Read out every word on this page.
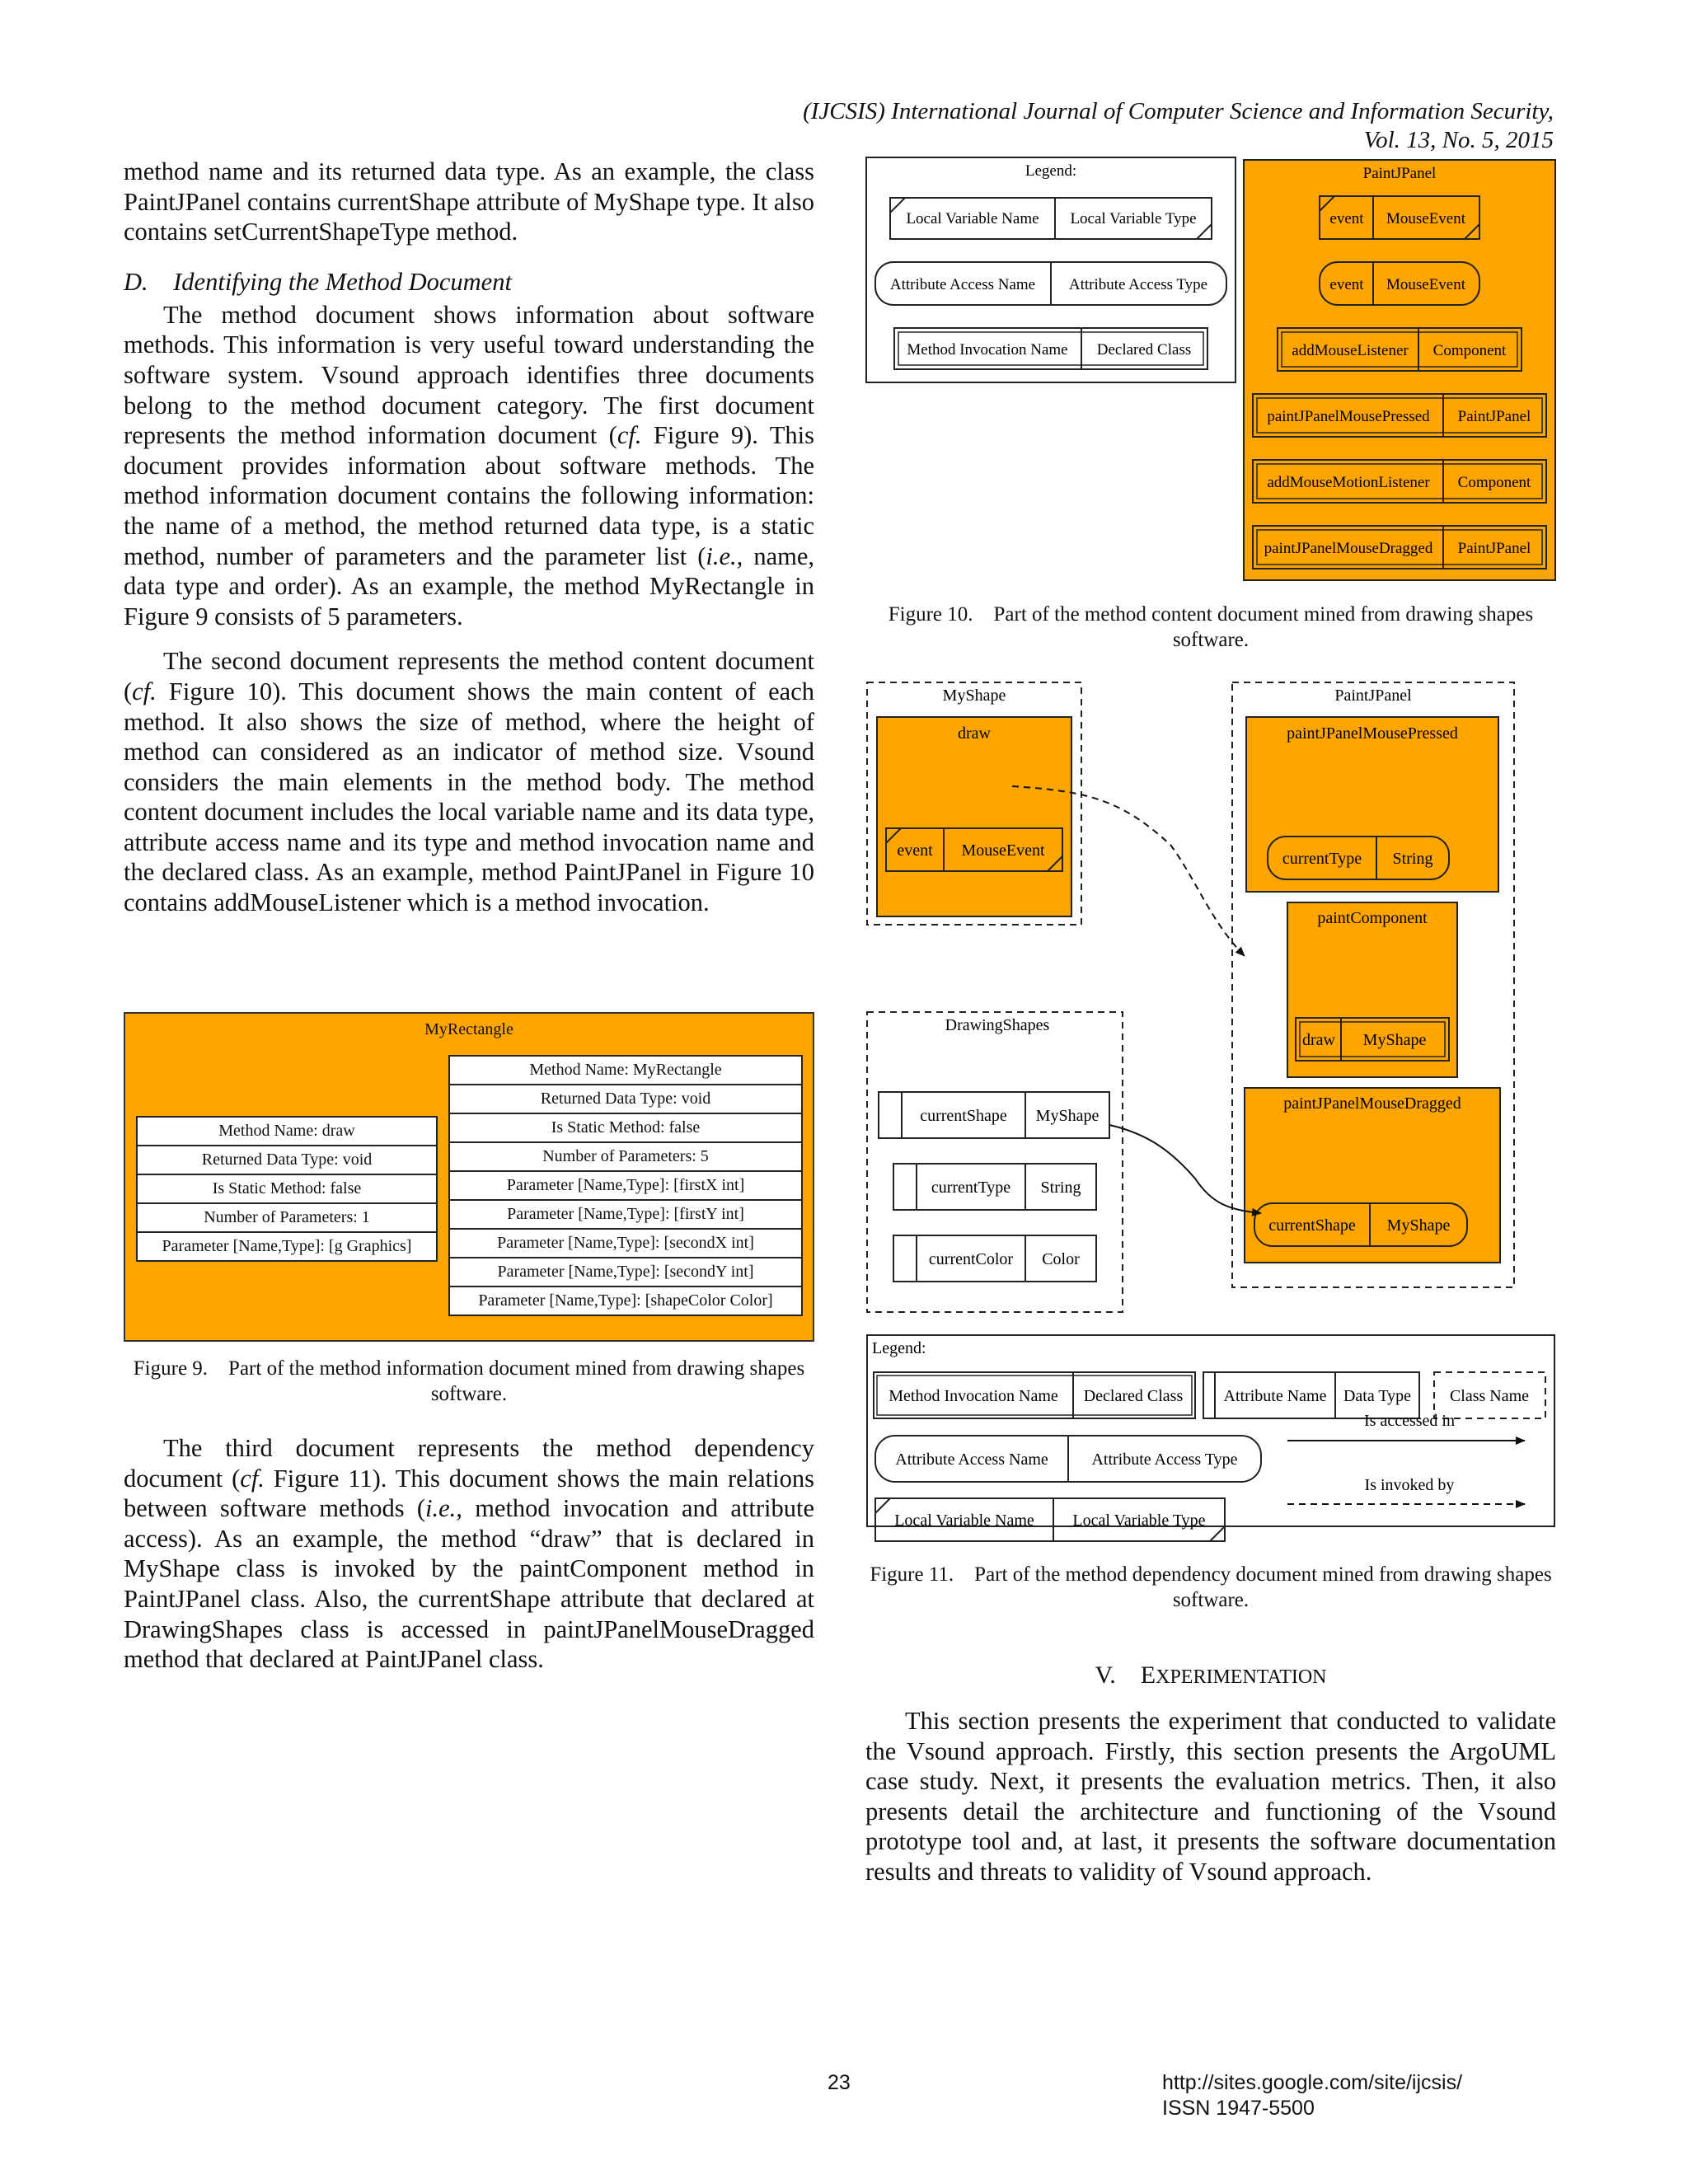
(IJCSIS) International Journal of Computer Science and Information Security,
Vol. 13, No. 5, 2015

method name and its returned data type. As an example, the class PaintJPanel contains currentShape attribute of MyShape type. It also contains setCurrentShapeType method.

D. Identifying the Method Document

The method document shows information about software methods. This information is very useful toward understanding the software system. Vsound approach identifies three documents belong to the method document category. The first document represents the method information document (cf. Figure 9). This document provides information about software methods. The method information document contains the following information: the name of a method, the method returned data type, is a static method, number of parameters and the parameter list (i.e., name, data type and order). As an example, the method MyRectangle in Figure 9 consists of 5 parameters.

The second document represents the method content document (cf. Figure 10). This document shows the main content of each method. It also shows the size of method, where the height of method can considered as an indicator of method size. Vsound considers the main elements in the method body. The method content document includes the local variable name and its data type, attribute access name and its type and method invocation name and the declared class. As an example, method PaintJPanel in Figure 10 contains addMouseListener which is a method invocation.

MyRectangle
Method Name: draw
Returned Data Type: void
Is Static Method: false
Number of Parameters: 1
Parameter [Name,Type]: [g Graphics]
Method Name: MyRectangle
Returned Data Type: void
Is Static Method: false
Number of Parameters: 5
Parameter [Name,Type]: [firstX int]
Parameter [Name,Type]: [firstY int]
Parameter [Name,Type]: [secondX int]
Parameter [Name,Type]: [secondY int]
Parameter [Name,Type]: [shapeColor Color]
Figure 9. Part of the method information document mined from drawing shapes software.

The third document represents the method dependency document (cf. Figure 11). This document shows the main relations between software methods (i.e., method invocation and attribute access). As an example, the method “draw” that is declared in MyShape class is invoked by the paintComponent method in PaintJPanel class. Also, the currentShape attribute that declared at DrawingShapes class is accessed in paintJPanelMouseDragged method that declared at PaintJPanel class.

Legend:
Local Variable Name Local Variable Type
Attribute Access Name Attribute Access Type
Method Invocation Name Declared Class
PaintJPanel
event MouseEvent
event MouseEvent
addMouseListener Component
paintJPanelMousePressed PaintJPanel
addMouseMotionListener Component
paintJPanelMouseDragged PaintJPanel
Figure 10. Part of the method content document mined from drawing shapes software.
MyShape
draw
event MouseEvent
PaintJPanel
paintJPanelMousePressed
currentType String
paintComponent
draw MyShape
paintJPanelMouseDragged
currentShape MyShape
DrawingShapes
currentShape MyShape
currentType String
currentColor Color
Legend:
Method Invocation Name Declared Class Attribute Name Data Type Class Name
Attribute Access Name	Attribute Access Type
Local Variable Name Local Variable Type
Is accessed in
Is invoked by
Figure 11. Part of the method dependency document mined from drawing shapes software.
V.  EXPERIMENTATION

This section presents the experiment that conducted to validate the Vsound approach. Firstly, this section presents the ArgoUML case study. Next, it presents the evaluation metrics. Then, it also presents detail the architecture and functioning of the Vsound prototype tool and, at last, it presents the software documentation results and threats to validity of Vsound approach.

23	http://sites.google.com/site/ijcsis/
ISSN 1947-5500
